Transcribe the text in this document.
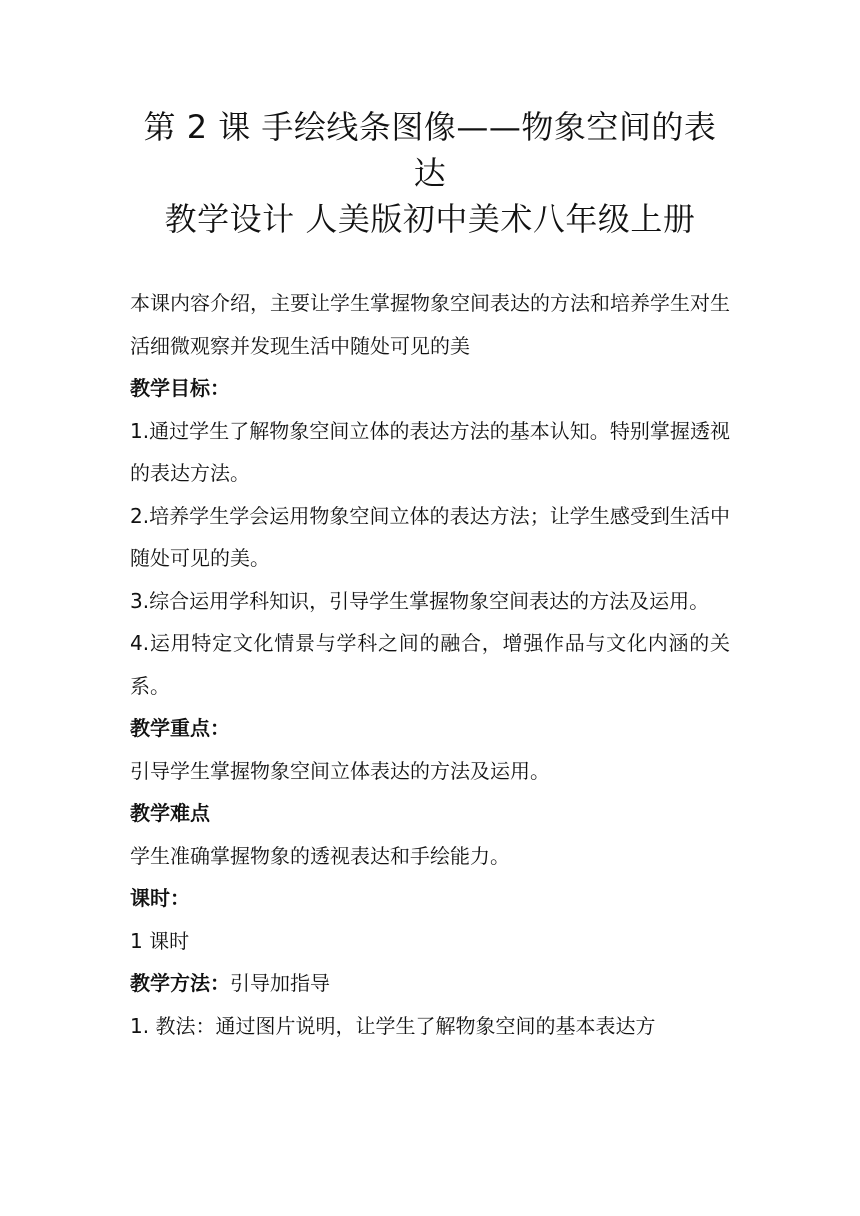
第 2 课 手绘线条图像——物象空间的表达
教学设计 人美版初中美术八年级上册

本课内容介绍，主要让学生掌握物象空间表达的方法和培养学生对生活细微观察并发现生活中随处可见的美

教学目标：

1.通过学生了解物象空间立体的表达方法的基本认知。特别掌握透视的表达方法。

2.培养学生学会运用物象空间立体的表达方法；让学生感受到生活中随处可见的美。

3.综合运用学科知识，引导学生掌握物象空间表达的方法及运用。

4.运用特定文化情景与学科之间的融合，增强作品与文化内涵的关系。

教学重点：

引导学生掌握物象空间立体表达的方法及运用。

教学难点

学生准确掌握物象的透视表达和手绘能力。

课时：

1 课时

教学方法：引导加指导

1. 教法：通过图片说明，让学生了解物象空间的基本表达方
